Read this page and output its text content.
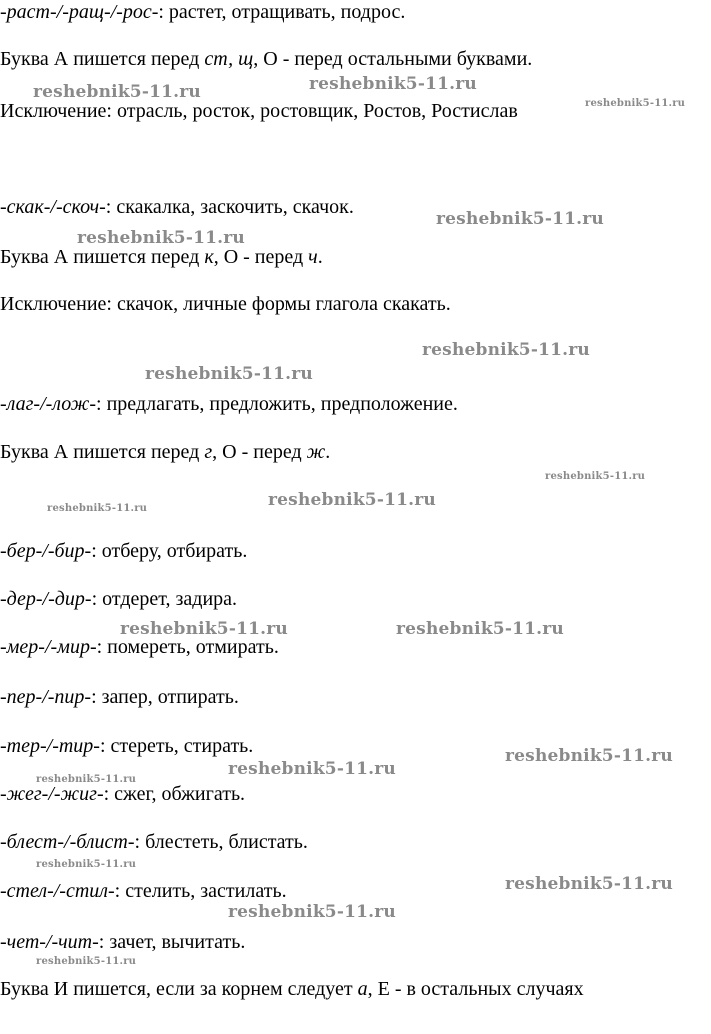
-раст-/-ращ-/-рос-: растет, отращивать, подрос.
Буква А пишется перед ст, щ, О - перед остальными буквами.
Исключение: отрасль, росток, ростовщик, Ростов, Ростислав
-скак-/-скоч-: скакалка, заскочить, скачок.
Буква А пишется перед к, О - перед ч.
Исключение: скачок, личные формы глагола скакать.
-лаг-/-лож-: предлагать, предложить, предположение.
Буква А пишется перед г, О - перед ж.
-бер-/-бир-: отберу, отбирать.
-дер-/-дир-: отдерет, задира.
-мер-/-мир-: помереть, отмирать.
-пер-/-пир-: запер, отпирать.
-тер-/-тир-: стереть, стирать.
-жег-/-жиг-: сжег, обжигать.
-блест-/-блист-: блестеть, блистать.
-стел-/-стил-: стелить, застилать.
-чет-/-чит-: зачет, вычитать.
Буква И пишется, если за корнем следует а, Е - в остальных случаях
reshebnik5-11.ru	reshebnik5-11.ru
reshebnik5-11.ru
reshebnik5-11.ru
reshebnik5-11.ru
reshebnik5-11.ru
reshebnik5-11.ru
reshebnik5-11.ru
reshebnik5-11.ru
reshebnik5-11.ru
reshebnik5-11.ru	reshebnik5-11.ru
reshebnik5-11.ru
reshebnik5-11.ru
reshebnik5-11.ru
reshebnik5-11.ru
reshebnik5-11.ru
reshebnik5-11.ru
reshebnik5-11.ru
